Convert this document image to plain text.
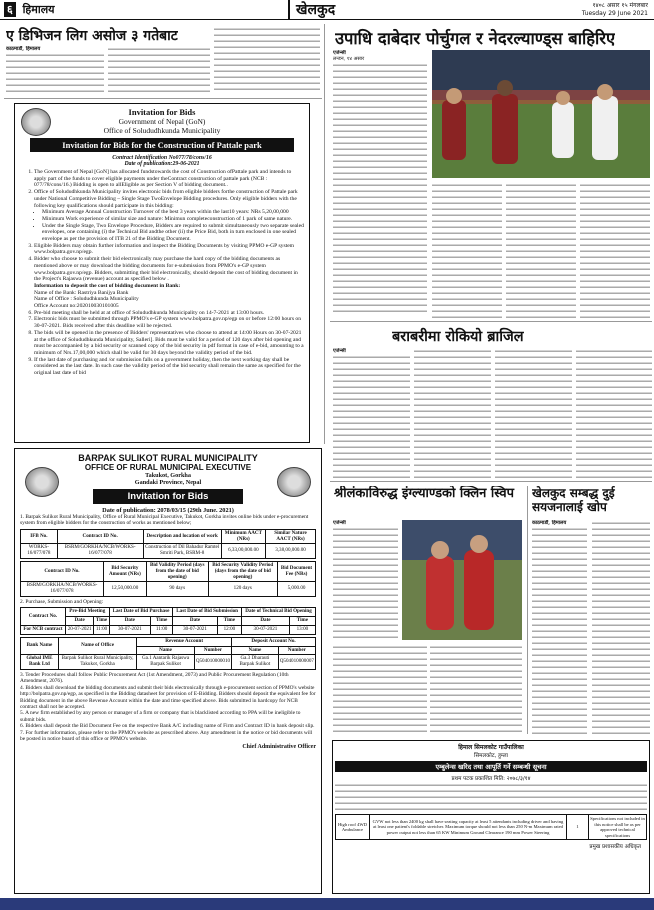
६ हिमालय	खेलकुद	१४०८ असार १५ मंगलबार
Tuesday 29 June 2021
ए डिभिजन लिग असोज ३ गतेबाट
काठमाडौं, हिमालय
Invitation for Bids
Government of Nepal (GoN)
Office of Solududhkunda Municipality
Invitation for Bids for the Construction of Pattale park
Contract Identification No077/78/cons/16
Date of publication:29-06-2021
1. The Government of Nepal [GoN] has allocated fundstowards the cost of Construction ofPattale park and intends to apply part of the funds to cover eligible payments under theContract construction of pattale park (NCB : 077/78/cons/16.) Bidding is open to allEligible as per Section V of bidding document..
2. Office of Solududhkunda Municipality invites electronic bids from eligible bidders forthe construction of Pattale park under National Competitive Bidding – Single Stage TwoEnvelope Bidding procedures. Only eligible bidders with the following key qualifications should participate in this bidding:
• Minimum Average Annual Construction Turnover of the best 3 years within the last10 years: NRs 5,20,00,000
• Minimum Work experience of similar size and nature: Minimun completeconstruction of 1 park of same nature.
• Under the Single Stage, Two Envelope Procedure, Bidders are required to submit simultaneously two separate sealed envelopes, one containing (i) the Technical Bid andthe other (ii) the Price Bid, both in turn enclosed in one sealed envelope as per the provision of ITB 21 of the Bidding Document.
3. Eligible Bidders may obtain further information and inspect the Bidding Documents by visiting PPMO e-GP system www.bolpatra.gov.np/egp.
4. Bidder who choose to submit their bid electronically may purchase the hard copy of the bidding documents as mentioned above or may download the bidding documents for e-submission from PPMO's e-GP system www.bolpatra.gov.np/egp. Bidders, submitting their bid electronically, should deposit the cost of bidding document in the Project's Rajaswa (revenue) account as specified below .

Information to deposit the cost of bidding document in Bank:

Name of the Bank: Rastriya Banijya Bank

Name of Office : Solududhkunda Municipality

Office Account no:202010030101005

6. Pre-bid meeting shall be held at at office of Solududhkunda Municipality on 14-7-2021 at 13:00 hours.
7. Electronic bids must be submitted through PPMO's e-GP system www.bolpatra.gov.np/egp on or before 12:00 hours on 30-07-2021. Bids received after this deadline will be rejected.
8. The bids will be opened in the presence of Bidders' representatives who choose to attend at 14:00 Hours on 30-07-2021 at the office of Solududhkunda Municipality, Salleri]. Bids must be valid for a period of 120 days after bid opening and must be accompanied by a bid security or scanned copy of the bid security in pdf format in case of e-bid, amounting to a minimum of Nrs.17,00,000 which shall be valid for 30 days beyond the validity period of the bid.
9. If the last date of purchasing and /or submission falls on a government holiday, then the next working day shall be considered as the last date. In such case the validity period of the bid security shall remain the same as specified for the original last date of bid
उपाधि दाबेदार पोर्चुगल र नेदरल्याण्ड्स बाहिरिए
एजेन्सी
लन्डन, १४ असार
बराबरीमा रोकियो ब्राजिल
एजेन्सी
BARPAK SULIKOT RURAL MUNICIPALITY
OFFICE OF RURAL MUNICIPAL EXECUTIVE
Takukot, Gorkha
Gandaki Province, Nepal
Invitation for Bids
Date of publication: 2078/03/15 (29th June. 2021)

1. Barpak Sulikot Rural Municipality, Office of Rural Municipal Executive, Takukot, Gorkha invites online bids under e-procurement system from eligible bidders for the construction of works as mentioned below;

IFB No.	Contract ID No.	Description and location of work	Minimum AACT (NRs)	Similar Nature AACT (NRs)
WORKS-16/077/078	BSRM/GORKHA/NCB/WORKS-16/077/078	Construction of Dil Bahadur Ramtel Smriti Park, BSRM-8	6,33,00,000.00	3,38,00,000.00
Contract ID No.	Bid Security Amount (NRs)	Bid Validity Period (days from the date of bid opening)	Bid Security Validity Period (days from the date of bid opening)	Bid Document Fee (NRs)
BSRM/GORKHA/NCB/WORKS-16/077/078	12,50,000.00	90 days	120 days	5,000.00

2. Purchase, Submission and Opening:

Contract No.	Pre-Bid Meeting		Last Date of Bid Purchase		Last Date of Bid Submission		Date of Technical Bid Opening	
	Date	Time	Date	Time	Date	Time	Date	Time
For NCB contract	20-07-2021	11:00	30-07-2021	11:00	30-07-2021	12:00	30-07-2021	13:00
Bank Name	Name of Office	Revenue Account		Deposit Account No.	
		Name	Number	Name	Number
Global IME Bank Ltd	Barpak Sulikot Rural Municipality, Takukot, Gorkha	Ga.1 Aantarik Rajaswa Barpak Sulikot	Q504010000010	Ga.3 Dharauti Barpak Sulikot	Q504010000007

3. Tender Procedures shall follow Public Procurement Act (1st Amendment, 2073) and Public Procurement Regulation (10th Amendment, 2076).

4. Bidders shall download the bidding documents and submit their bids electronically through e-procurement section of PPMO's website http://bolpatra.gov.np/egp, as specified in the Bidding datasheet for provision of E-Bidding. Bidders should deposit the equivalent fee for Bidding document in the above Revenue Account within the date and time specified above. Bids submitted in hardcopy for NCB contract shall not be accepted.

5. A new firm established by any person or manager of a firm or company that is blacklisted according to PPA will be ineligible to submit bids.

6. Bidders shall deposit the Bid Document Fee on the respective Bank A/C including name of Firm and Contract ID in bank deposit slip.

7. For further information, please refer to the PPMO's website as prescribed above. Any amendment in the notice or bid documents will be posted in notice board of this office or PPMO's website.

Chief Administrative Officer

श्रीलंकाविरुद्ध इंग्ल्याण्डको क्लिन स्विप
एजेन्सी
खेलकुद सम्बद्ध दुई सयजनालाई खोप
काठमाडौं, हिमालय
हिमाल सिमलकोट गाउँपालिका
सिमलकोट, हुम्ला
एम्बुलेन्स खरिद तथा आपूर्ति गर्ने सम्बन्धी सूचना
प्रथम पटक प्रकाशित मिति: २०७८/३/१४
High roof 4WD Ambulance	GVW not less than 2400 kg shall have seating capacity at least 5 attendants including driver and having at least one patient's foldable stretcher. Maximum torque should not less than 250 N-m Maximum rated power output not less than 65 KW Minimum Ground Clearance 190 mm Power Steering	1	Specifications not included in this notice shall be as per approved technical specifications
प्रमुख प्रशासकीय अधिकृत
